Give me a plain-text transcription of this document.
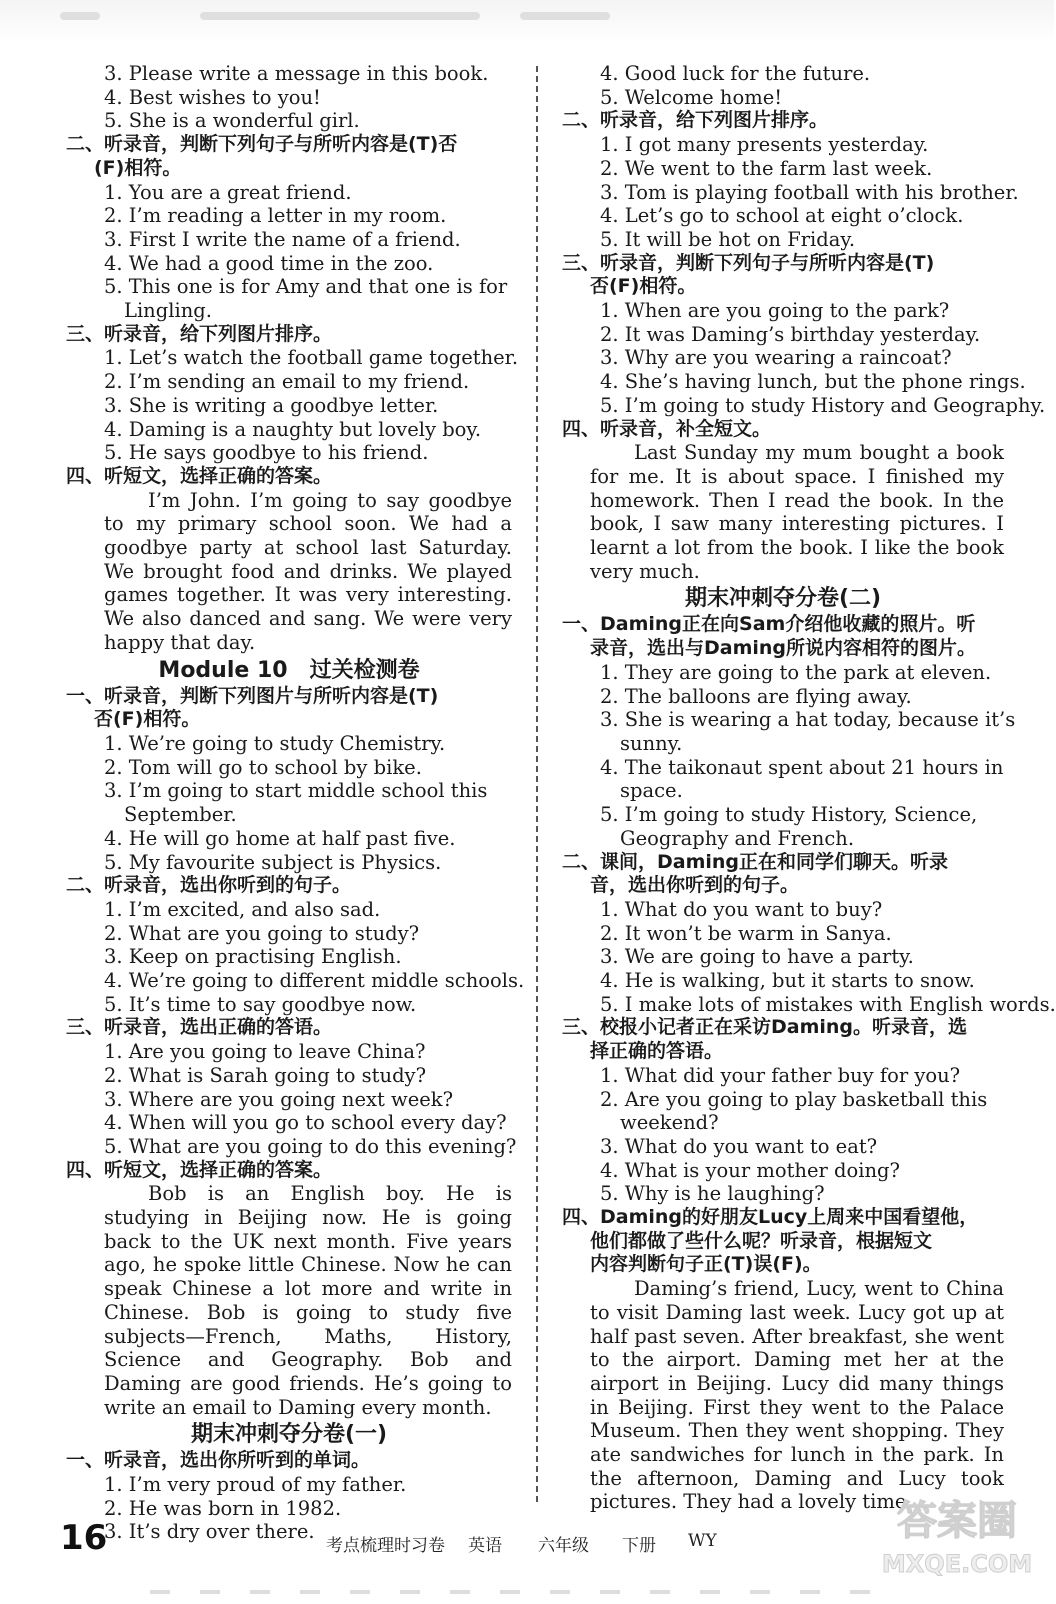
3. Please write a message in this book.
4. Best wishes to you!
5. She is a wonderful girl.
二、听录音，判断下列句子与所听内容是(T)否
(F)相符。
1. You are a great friend.
2. I’m reading a letter in my room.
3. First I write the name of a friend.
4. We had a good time in the zoo.
5. This one is for Amy and that one is for
Lingling.
三、听录音，给下列图片排序。
1. Let’s watch the football game together.
2. I’m sending an email to my friend.
3. She is writing a goodbye letter.
4. Daming is a naughty but lovely boy.
5. He says goodbye to his friend.
四、听短文，选择正确的答案。
I’m John. I’m going to say goodbye to my primary school soon. We had a goodbye party at school last Saturday. We brought food and drinks. We played games together. It was very interesting. We also danced and sang. We were very happy that day.
Module 10　过关检测卷
一、听录音，判断下列图片与所听内容是(T)
否(F)相符。
1. We’re going to study Chemistry.
2. Tom will go to school by bike.
3. I’m going to start middle school this
September.
4. He will go home at half past five.
5. My favourite subject is Physics.
二、听录音，选出你听到的句子。
1. I’m excited, and also sad.
2. What are you going to study?
3. Keep on practising English.
4. We’re going to different middle schools.
5. It’s time to say goodbye now.
三、听录音，选出正确的答语。
1. Are you going to leave China?
2. What is Sarah going to study?
3. Where are you going next week?
4. When will you go to school every day?
5. What are you going to do this evening?
四、听短文，选择正确的答案。
Bob is an English boy. He is studying in Beijing now. He is going back to the UK next month. Five years ago, he spoke little Chinese. Now he can speak Chinese a lot more and write in Chinese. Bob is going to study five subjects—French, Maths, History, Science and Geography. Bob and Daming are good friends. He’s going to write an email to Daming every month.
期末冲刺夺分卷(一)
一、听录音，选出你所听到的单词。
1. I’m very proud of my father.
2. He was born in 1982.
3. It’s dry over there.
4. Good luck for the future.
5. Welcome home!
二、听录音，给下列图片排序。
1. I got many presents yesterday.
2. We went to the farm last week.
3. Tom is playing football with his brother.
4. Let’s go to school at eight o’clock.
5. It will be hot on Friday.
三、听录音，判断下列句子与所听内容是(T)
否(F)相符。
1. When are you going to the park?
2. It was Daming’s birthday yesterday.
3. Why are you wearing a raincoat?
4. She’s having lunch, but the phone rings.
5. I’m going to study History and Geography.
四、听录音，补全短文。
Last Sunday my mum bought a book for me. It is about space. I finished my homework. Then I read the book. In the book, I saw many interesting pictures. I learnt a lot from the book. I like the book very much.
期末冲刺夺分卷(二)
一、Daming正在向Sam介绍他收藏的照片。听
录音，选出与Daming所说内容相符的图片。
1. They are going to the park at eleven.
2. The balloons are flying away.
3. She is wearing a hat today, because it’s
sunny.
4. The taikonaut spent about 21 hours in
space.
5. I’m going to study History, Science,
Geography and French.
二、课间，Daming正在和同学们聊天。听录
音，选出你听到的句子。
1. What do you want to buy?
2. It won’t be warm in Sanya.
3. We are going to have a party.
4. He is walking, but it starts to snow.
5. I make lots of mistakes with English words.
三、校报小记者正在采访Daming。听录音，选
择正确的答语。
1. What did your father buy for you?
2. Are you going to play basketball this
weekend?
3. What do you want to eat?
4. What is your mother doing?
5. Why is he laughing?
四、Daming的好朋友Lucy上周来中国看望他，
他们都做了些什么呢？听录音，根据短文
内容判断句子正(T)误(F)。
Daming’s friend, Lucy, went to China to visit Daming last week. Lucy got up at half past seven. After breakfast, she went to the airport. Daming met her at the airport in Beijing. Lucy did many things in Beijing. First they went to the Palace Museum. Then they went shopping. They ate sandwiches for lunch in the park. In the afternoon, Daming and Lucy took pictures. They had a lovely time.
16	考点梳理时习卷 英语 六年级 下册 WY	答案圈
MXQE.COM
